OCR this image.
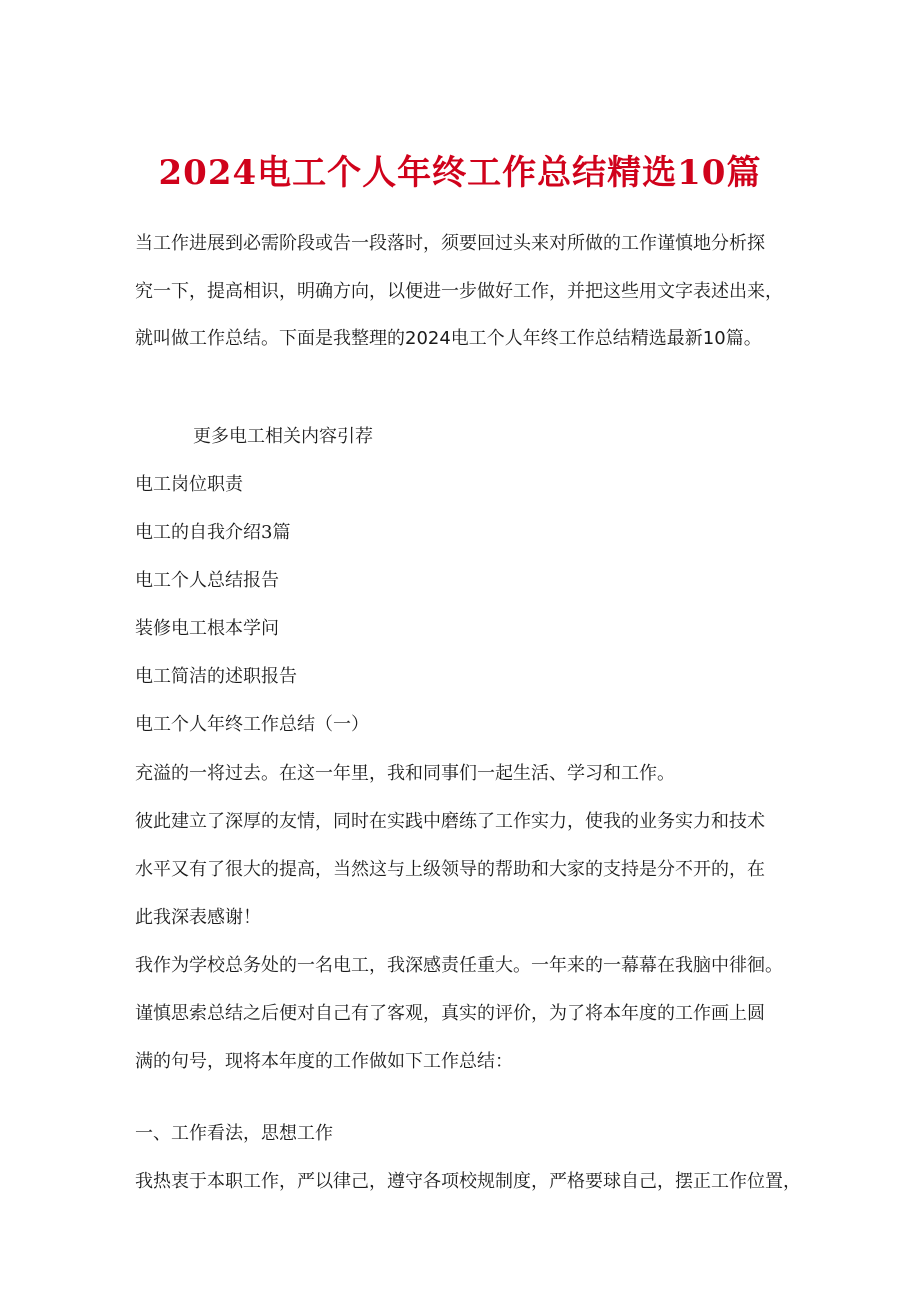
2024电工个人年终工作总结精选10篇
当工作进展到必需阶段或告一段落时，须要回过头来对所做的工作谨慎地分析探
究一下，提高相识，明确方向，以便进一步做好工作，并把这些用文字表述出来，
就叫做工作总结。下面是我整理的2024电工个人年终工作总结精选最新10篇。
更多电工相关内容引荐
电工岗位职责
电工的自我介绍3篇
电工个人总结报告
装修电工根本学问
电工简洁的述职报告
电工个人年终工作总结（一）
充溢的一将过去。在这一年里，我和同事们一起生活、学习和工作。
彼此建立了深厚的友情，同时在实践中磨练了工作实力，使我的业务实力和技术
水平又有了很大的提高，当然这与上级领导的帮助和大家的支持是分不开的，在
此我深表感谢！
我作为学校总务处的一名电工，我深感责任重大。一年来的一幕幕在我脑中徘徊。
谨慎思索总结之后便对自己有了客观，真实的评价，为了将本年度的工作画上圆
满的句号，现将本年度的工作做如下工作总结：
一、工作看法，思想工作
我热衷于本职工作，严以律己，遵守各项校规制度，严格要球自己，摆正工作位置，
